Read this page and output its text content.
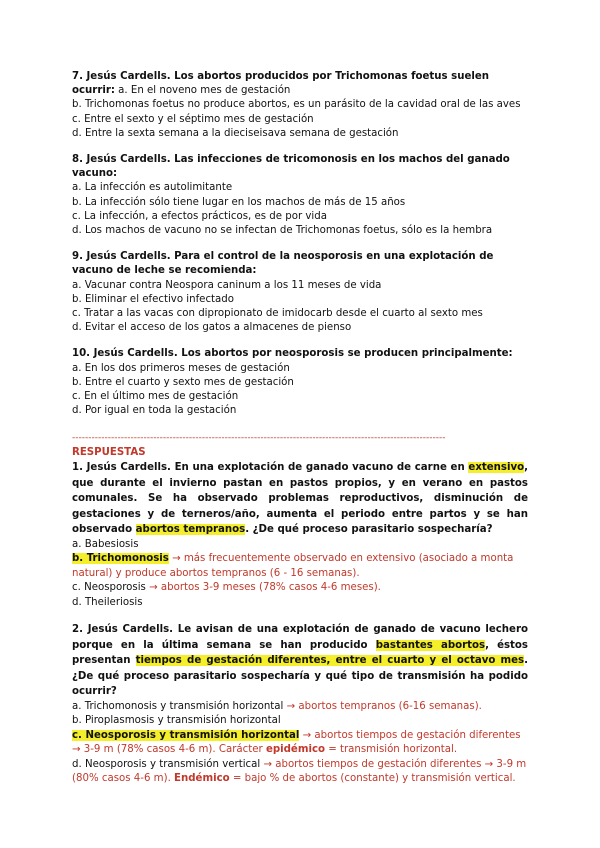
7. Jesús Cardells. Los abortos producidos por Trichomonas foetus suelen ocurrir: a. En el noveno mes de gestación

b. Trichomonas foetus no produce abortos, es un parásito de la cavidad oral de las aves

c. Entre el sexto y el séptimo mes de gestación

d. Entre la sexta semana a la dieciseisava semana de gestación

8. Jesús Cardells. Las infecciones de tricomonosis en los machos del ganado vacuno:

a. La infección es autolimitante

b. La infección sólo tiene lugar en los machos de más de 15 años

c. La infección, a efectos prácticos, es de por vida

d. Los machos de vacuno no se infectan de Trichomonas foetus, sólo es la hembra

9. Jesús Cardells. Para el control de la neosporosis en una explotación de vacuno de leche se recomienda:

a. Vacunar contra Neospora caninum a los 11 meses de vida

b. Eliminar el efectivo infectado

c. Tratar a las vacas con dipropionato de imidocarb desde el cuarto al sexto mes

d. Evitar el acceso de los gatos a almacenes de pienso

10. Jesús Cardells. Los abortos por neosporosis se producen principalmente:

a. En los dos primeros meses de gestación

b. Entre el cuarto y sexto mes de gestación

c. En el último mes de gestación

d. Por igual en toda la gestación

-------------------------------------------------------------------------------------------------------------------

RESPUESTAS

1. Jesús Cardells. En una explotación de ganado vacuno de carne en extensivo, que durante el invierno pastan en pastos propios, y en verano en pastos comunales. Se ha observado problemas reproductivos, disminución de gestaciones y de terneros/año, aumenta el periodo entre partos y se han observado abortos tempranos. ¿De qué proceso parasitario sospecharía?

a. Babesiosis

b. Trichomonosis → más frecuentemente observado en extensivo (asociado a monta natural) y produce abortos tempranos (6 - 16 semanas).

c. Neosporosis → abortos 3-9 meses (78% casos 4-6 meses).

d. Theileriosis

2. Jesús Cardells. Le avisan de una explotación de ganado de vacuno lechero porque en la última semana se han producido bastantes abortos, éstos presentan tiempos de gestación diferentes, entre el cuarto y el octavo mes. ¿De qué proceso parasitario sospecharía y qué tipo de transmisión ha podido ocurrir?

a. Trichomonosis y transmisión horizontal → abortos tempranos (6-16 semanas).

b. Piroplasmosis y transmisión horizontal

c. Neosporosis y transmisión horizontal → abortos tiempos de gestación diferentes → 3-9 m (78% casos 4-6 m). Carácter epidémico = transmisión horizontal.

d. Neosporosis y transmisión vertical → abortos tiempos de gestación diferentes → 3-9 m (80% casos 4-6 m). Endémico = bajo % de abortos (constante) y transmisión vertical.
